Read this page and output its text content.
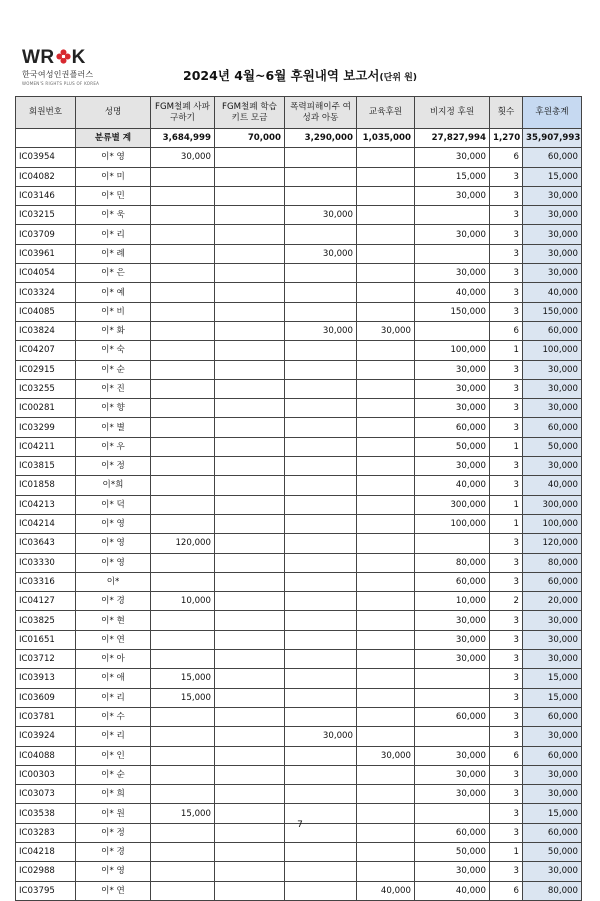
WR K
한국여성인권플러스
WOMEN'S RIGHTS PLUS OF KOREA
2024년 4월~6월 후원내역 보고서(단위 원)
회원번호	성명	FGM철폐 사파구하기	FGM철폐 학습키트 모금	폭력피해이주 여성과 아동	교육후원	비지정 후원	횟수	후원총계
	분류별 계	3,684,999	70,000	3,290,000	1,035,000	27,827,994	1,270	35,907,993
IC03954	이* 영	30,000				30,000	6	60,000
IC04082	이* 미					15,000	3	15,000
IC03146	이* 민					30,000	3	30,000
IC03215	이* 욱			30,000			3	30,000
IC03709	이* 리					30,000	3	30,000
IC03961	이* 례			30,000			3	30,000
IC04054	이* 은					30,000	3	30,000
IC03324	이* 예					40,000	3	40,000
IC04085	이* 비					150,000	3	150,000
IC03824	이* 화			30,000	30,000		6	60,000
IC04207	이* 숙					100,000	1	100,000
IC02915	이* 순					30,000	3	30,000
IC03255	이* 진					30,000	3	30,000
IC00281	이* 향					30,000	3	30,000
IC03299	이* 별					60,000	3	60,000
IC04211	이* 우					50,000	1	50,000
IC03815	이* 정					30,000	3	30,000
IC01858	이*희					40,000	3	40,000
IC04213	이* 덕					300,000	1	300,000
IC04214	이* 영					100,000	1	100,000
IC03643	이* 영	120,000					3	120,000
IC03330	이* 영					80,000	3	80,000
IC03316	이*					60,000	3	60,000
IC04127	이* 경	10,000				10,000	2	20,000
IC03825	이* 현					30,000	3	30,000
IC01651	이* 연					30,000	3	30,000
IC03712	이* 아					30,000	3	30,000
IC03913	이* 애	15,000					3	15,000
IC03609	이* 리	15,000					3	15,000
IC03781	이* 수					60,000	3	60,000
IC03924	이* 리			30,000			3	30,000
IC04088	이* 인				30,000	30,000	6	60,000
IC00303	이* 순					30,000	3	30,000
IC03073	이* 희					30,000	3	30,000
IC03538	이* 원	15,000					3	15,000
IC03283	이* 정					60,000	3	60,000
IC04218	이* 경					50,000	1	50,000
IC02988	이* 영					30,000	3	30,000
IC03795	이* 연				40,000	40,000	6	80,000
7
